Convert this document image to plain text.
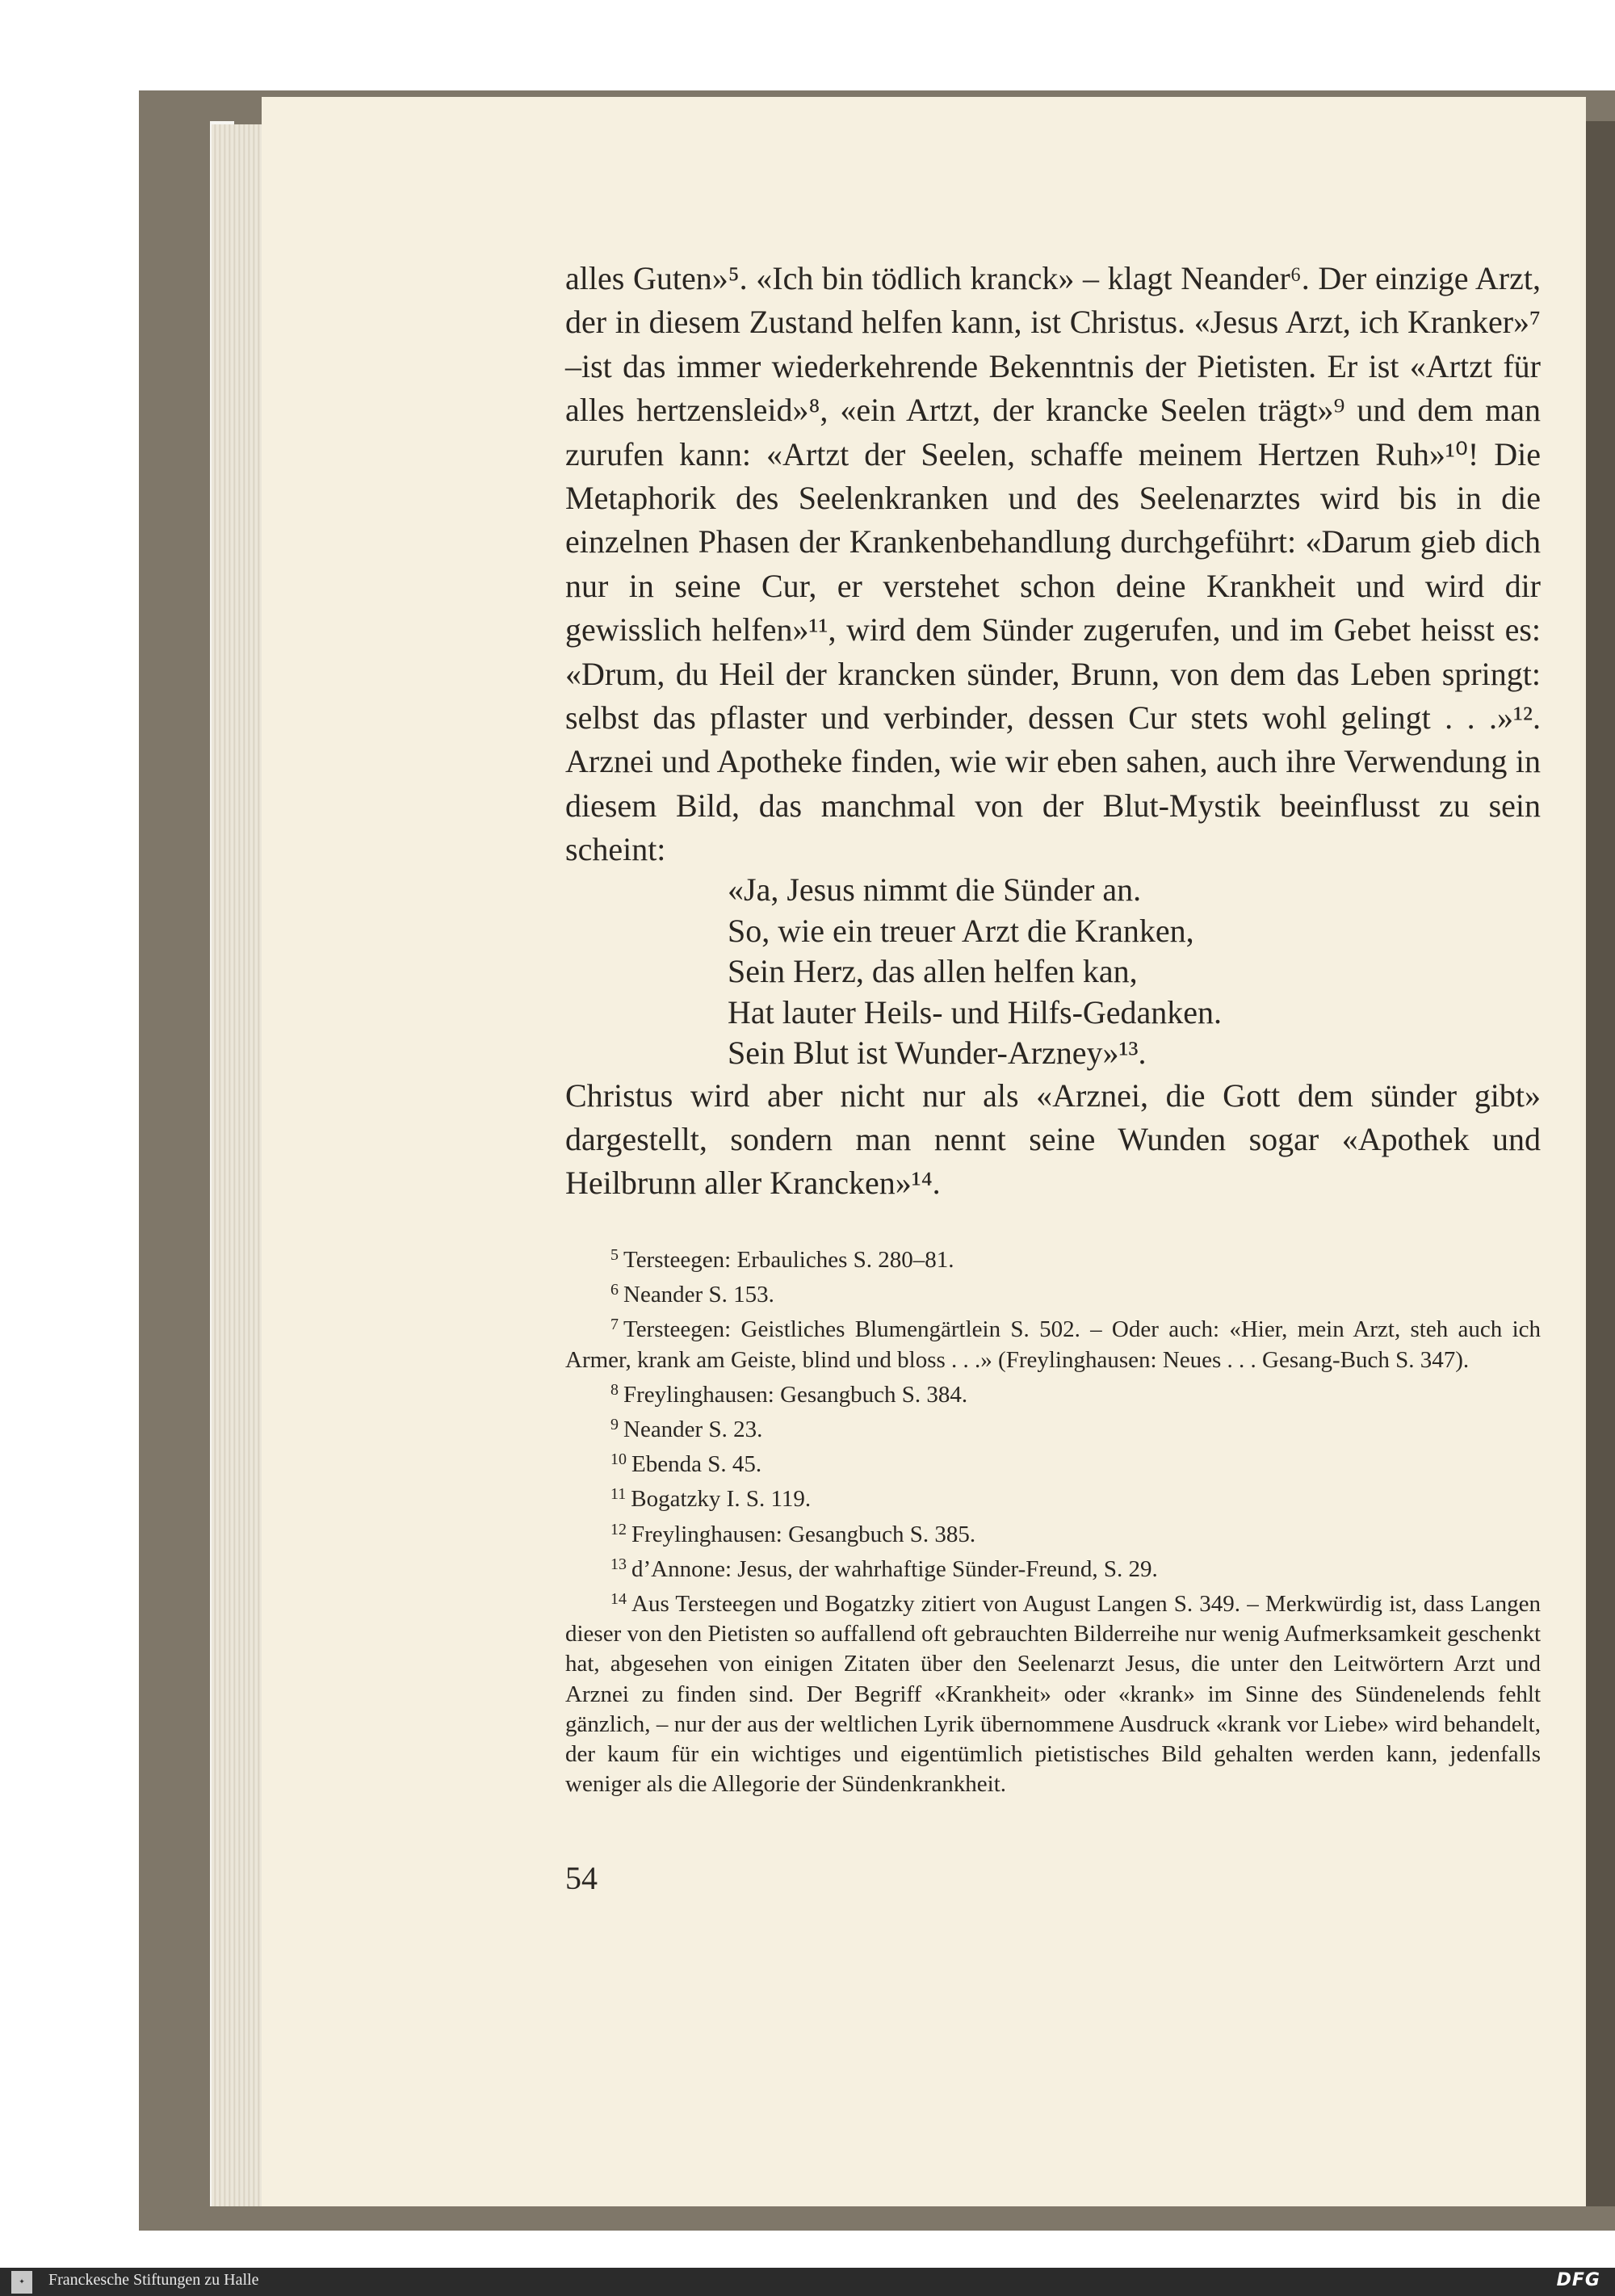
alles Guten»⁵. «Ich bin tödlich kranck» – klagt Neander⁶. Der einzige Arzt, der in diesem Zustand helfen kann, ist Christus. «Jesus Arzt, ich Kranker»⁷ –ist das immer wiederkehrende Bekenntnis der Pietisten. Er ist «Artzt für alles hertzensleid»⁸, «ein Artzt, der krancke Seelen trägt»⁹ und dem man zurufen kann: «Artzt der Seelen, schaffe meinem Hertzen Ruh»¹⁰! Die Metaphorik des Seelenkranken und des Seelenarztes wird bis in die einzelnen Phasen der Krankenbehandlung durchgeführt: «Darum gieb dich nur in seine Cur, er verstehet schon deine Krankheit und wird dir gewisslich helfen»¹¹, wird dem Sünder zugerufen, und im Gebet heisst es: «Drum, du Heil der krancken sünder, Brunn, von dem das Leben springt: selbst das pflaster und verbinder, dessen Cur stets wohl gelingt . . .»¹². Arznei und Apotheke finden, wie wir eben sahen, auch ihre Verwendung in diesem Bild, das manchmal von der Blut-Mystik beeinflusst zu sein scheint:

«Ja, Jesus nimmt die Sünder an.
So, wie ein treuer Arzt die Kranken,
Sein Herz, das allen helfen kan,
Hat lauter Heils- und Hilfs-Gedanken.
Sein Blut ist Wunder-Arzney»¹³.

Christus wird aber nicht nur als «Arznei, die Gott dem sünder gibt» dargestellt, sondern man nennt seine Wunden sogar «Apothek und Heilbrunn aller Krancken»¹⁴.

$^5$ Tersteegen: Erbauliches S. 280–81.
$^6$ Neander S. 153.
$^7$ Tersteegen: Geistliches Blumengärtlein S. 502. – Oder auch: «Hier, mein Arzt, steh auch ich Armer, krank am Geiste, blind und bloss . . .» (Freylinghausen: Neues . . . Gesang-Buch S. 347).
$^8$ Freylinghausen: Gesangbuch S. 384.
$^9$ Neander S. 23.
$^{10}$ Ebenda S. 45.
$^{11}$ Bogatzky I. S. 119.
$^{12}$ Freylinghausen: Gesangbuch S. 385.
$^{13}$ d’Annone: Jesus, der wahrhaftige Sünder-Freund, S. 29.
$^{14}$ Aus Tersteegen und Bogatzky zitiert von August Langen S. 349. – Merkwürdig ist, dass Langen dieser von den Pietisten so auffallend oft gebrauchten Bilderreihe nur wenig Aufmerksamkeit geschenkt hat, abgesehen von einigen Zitaten über den Seelenarzt Jesus, die unter den Leitwörtern Arzt und Arznei zu finden sind. Der Begriff «Krankheit» oder «krank» im Sinne des Sündenelends fehlt gänzlich, – nur der aus der weltlichen Lyrik übernommene Ausdruck «krank vor Liebe» wird behandelt, der kaum für ein wichtiges und eigentümlich pietistisches Bild gehalten werden kann, jedenfalls weniger als die Allegorie der Sündenkrankheit.
54
✦	Franckesche Stiftungen zu Halle	DFG
